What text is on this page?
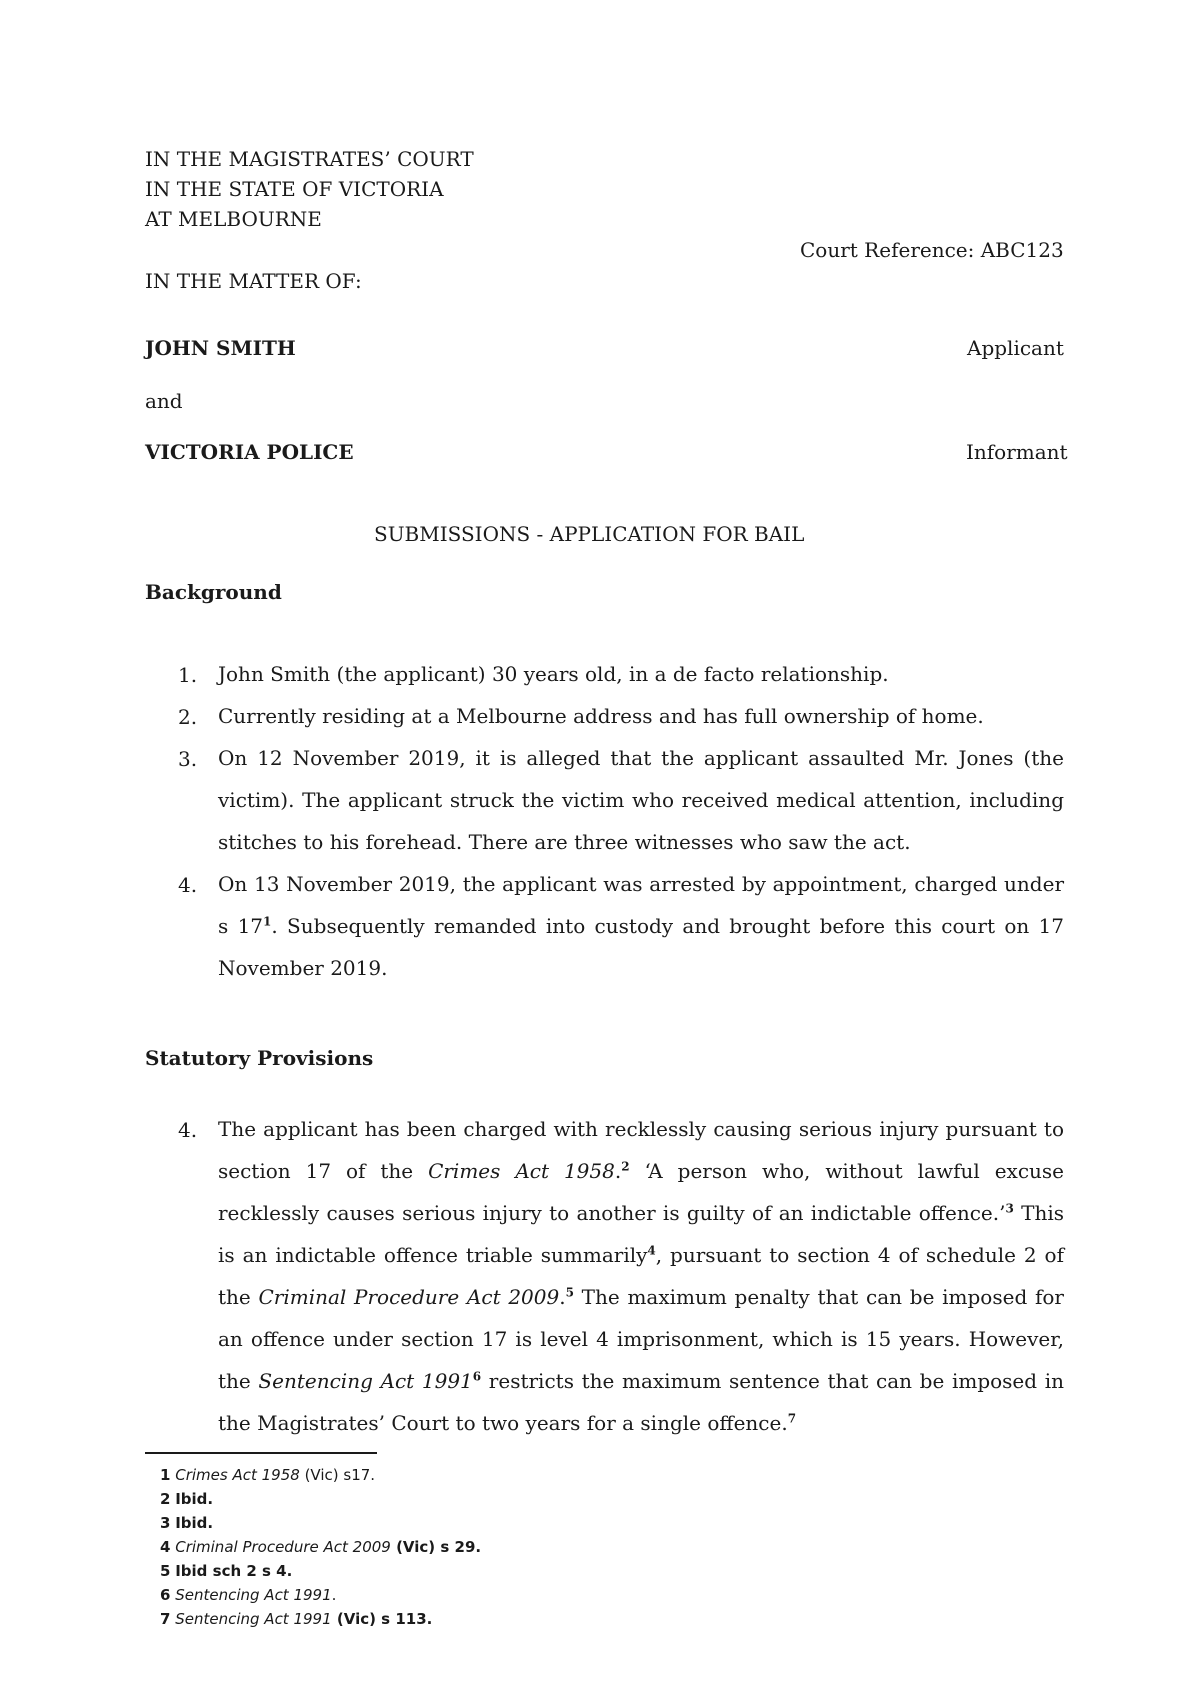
IN THE MAGISTRATES’ COURT
IN THE STATE OF VICTORIA
AT MELBOURNE
Court Reference: ABC123
IN THE MATTER OF:
JOHN SMITH	Applicant
and
VICTORIA POLICE	Informant
SUBMISSIONS - APPLICATION FOR BAIL
Background
1. John Smith (the applicant) 30 years old, in a de facto relationship.
2. Currently residing at a Melbourne address and has full ownership of home.
3. On 12 November 2019, it is alleged that the applicant assaulted Mr. Jones (the victim). The applicant struck the victim who received medical attention, including stitches to his forehead. There are three witnesses who saw the act.
4. On 13 November 2019, the applicant was arrested by appointment, charged under s $17^1$. Subsequently remanded into custody and brought before this court on 17 November 2019.
Statutory Provisions
4. The applicant has been charged with recklessly causing serious injury pursuant to section 17 of the Crimes Act 1958.$^2$ ‘A person who, without lawful excuse recklessly causes serious injury to another is guilty of an indictable offence.’$^3$ This is an indictable offence triable summarily$^4$, pursuant to section 4 of schedule 2 of the Criminal Procedure Act 2009.$^5$ The maximum penalty that can be imposed for an offence under section 17 is level 4 imprisonment, which is 15 years. However, the Sentencing Act 1991$^6$ restricts the maximum sentence that can be imposed in the Magistrates’ Court to two years for a single offence.$^7$
1 Crimes Act 1958 (Vic) s17.
2 Ibid.
3 Ibid.
4 Criminal Procedure Act 2009 (Vic) s 29.
5 Ibid sch 2 s 4.
6 Sentencing Act 1991.
7 Sentencing Act 1991 (Vic) s 113.
